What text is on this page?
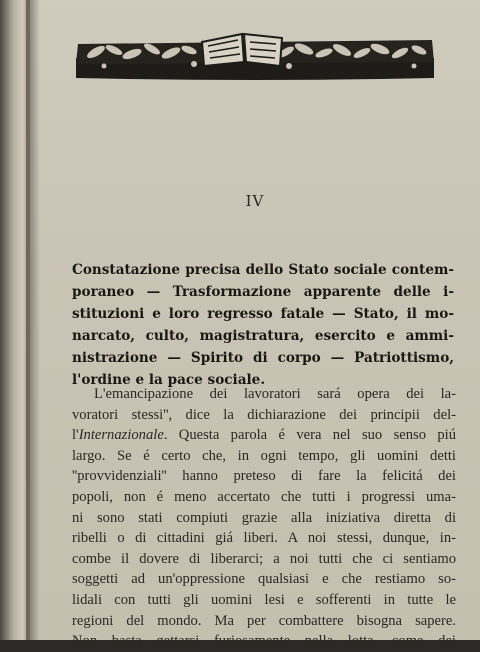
IV
Constatazione precisa dello Stato sociale contem-
poraneo — Trasformazione apparente delle i-
stituzioni e loro regresso fatale — Stato, il mo-
narcato, culto, magistratura, esercito e ammi-
nistrazione — Spirito di corpo — Patriottismo,
l'ordine e la pace sociale.
L'emancipazione dei lavoratori sará opera dei la-
voratori stessi'', dice la dichiarazione dei principii del-
l'Internazionale. Questa parola é vera nel suo senso piú
largo. Se é certo che, in ogni tempo, gli uomini detti
''provvidenziali'' hanno preteso di fare la felicitá dei
popoli, non é meno accertato che tutti i progressi uma-
ni sono stati compiuti grazie alla iniziativa diretta di
ribelli o di cittadini giá liberi. A noi stessi, dunque, in-
combe il dovere di liberarci; a noi tutti che ci sentiamo
soggetti ad un'oppressione qualsiasi e che restiamo so-
lidali con tutti gli uomini lesi e sofferenti in tutte le
regioni del mondo. Ma per combattere bisogna sapere.
Non basta gettarsi furiosamente nella lotta, come dei
